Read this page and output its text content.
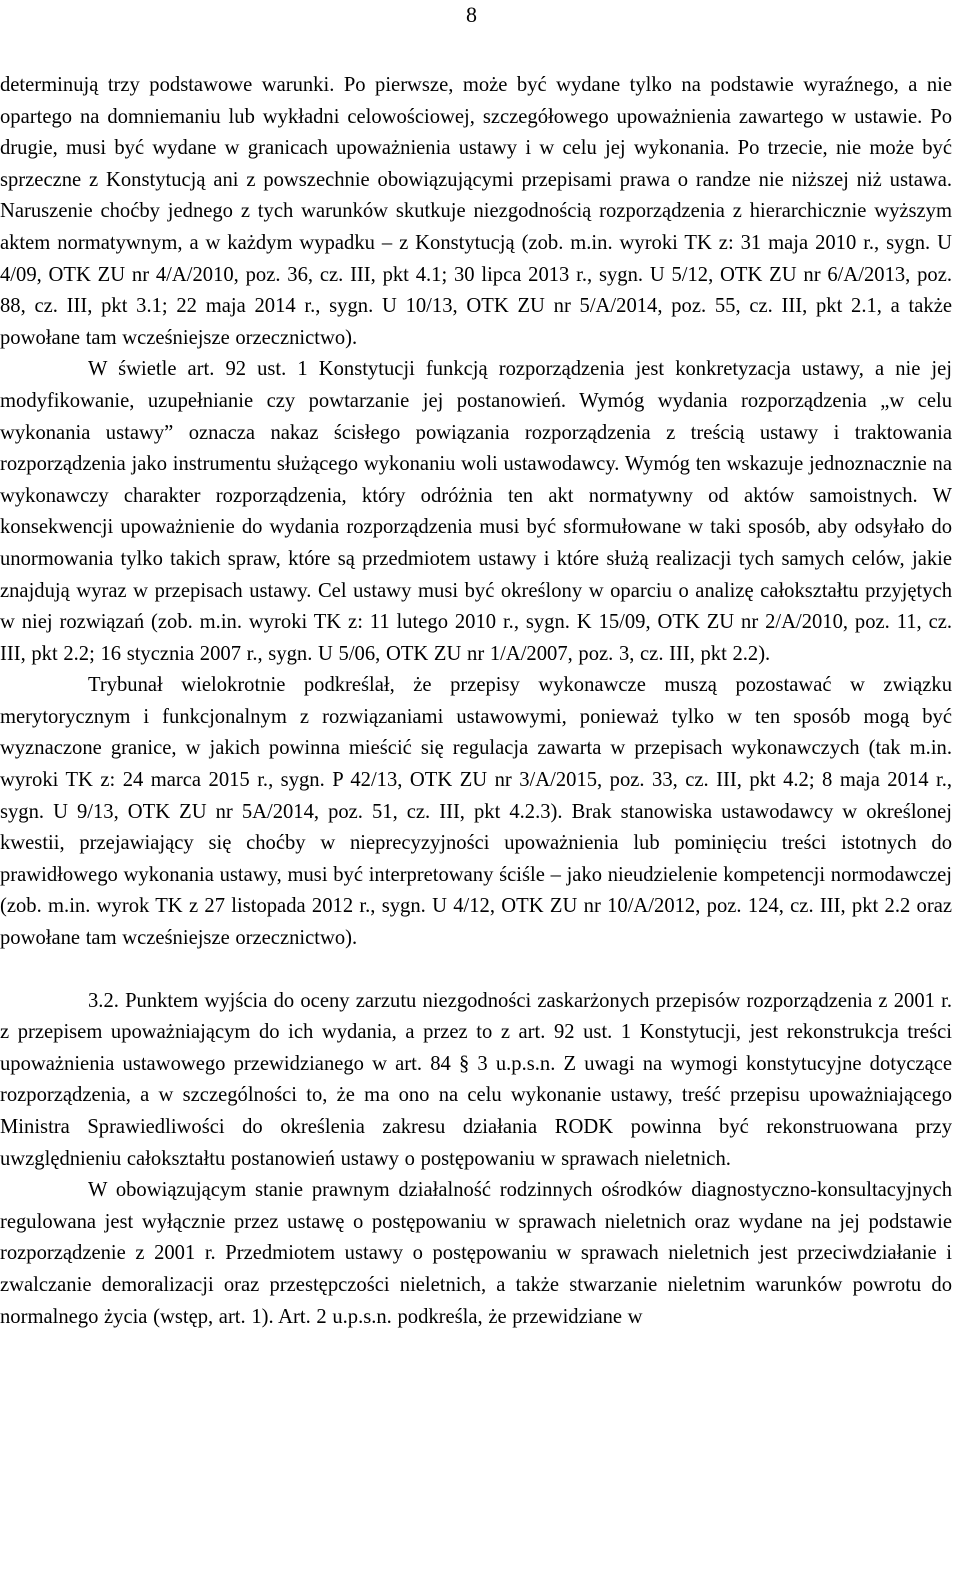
8

determinują trzy podstawowe warunki. Po pierwsze, może być wydane tylko na podstawie wyraźnego, a nie opartego na domniemaniu lub wykładni celowościowej, szczegółowego upoważnienia zawartego w ustawie. Po drugie, musi być wydane w granicach upoważnienia ustawy i w celu jej wykonania. Po trzecie, nie może być sprzeczne z Konstytucją ani z powszechnie obowiązującymi przepisami prawa o randze nie niższej niż ustawa. Naruszenie choćby jednego z tych warunków skutkuje niezgodnością rozporządzenia z hierarchicznie wyższym aktem normatywnym, a w każdym wypadku – z Konstytucją (zob. m.in. wyroki TK z: 31 maja 2010 r., sygn. U 4/09, OTK ZU nr 4/A/2010, poz. 36, cz. III, pkt 4.1; 30 lipca 2013 r., sygn. U 5/12, OTK ZU nr 6/A/2013, poz. 88, cz. III, pkt 3.1; 22 maja 2014 r., sygn. U 10/13, OTK ZU nr 5/A/2014, poz. 55, cz. III, pkt 2.1, a także powołane tam wcześniejsze orzecznictwo).

W świetle art. 92 ust. 1 Konstytucji funkcją rozporządzenia jest konkretyzacja ustawy, a nie jej modyfikowanie, uzupełnianie czy powtarzanie jej postanowień. Wymóg wydania rozporządzenia „w celu wykonania ustawy” oznacza nakaz ścisłego powiązania rozporządzenia z treścią ustawy i traktowania rozporządzenia jako instrumentu służącego wykonaniu woli ustawodawcy. Wymóg ten wskazuje jednoznacznie na wykonawczy charakter rozporządzenia, który odróżnia ten akt normatywny od aktów samoistnych. W konsekwencji upoważnienie do wydania rozporządzenia musi być sformułowane w taki sposób, aby odsyłało do unormowania tylko takich spraw, które są przedmiotem ustawy i które służą realizacji tych samych celów, jakie znajdują wyraz w przepisach ustawy. Cel ustawy musi być określony w oparciu o analizę całokształtu przyjętych w niej rozwiązań (zob. m.in. wyroki TK z: 11 lutego 2010 r., sygn. K 15/09, OTK ZU nr 2/A/2010, poz. 11, cz. III, pkt 2.2; 16 stycznia 2007 r., sygn. U 5/06, OTK ZU nr 1/A/2007, poz. 3, cz. III, pkt 2.2).

Trybunał wielokrotnie podkreślał, że przepisy wykonawcze muszą pozostawać w związku merytorycznym i funkcjonalnym z rozwiązaniami ustawowymi, ponieważ tylko w ten sposób mogą być wyznaczone granice, w jakich powinna mieścić się regulacja zawarta w przepisach wykonawczych (tak m.in. wyroki TK z: 24 marca 2015 r., sygn. P 42/13, OTK ZU nr 3/A/2015, poz. 33, cz. III, pkt 4.2; 8 maja 2014 r., sygn. U 9/13, OTK ZU nr 5A/2014, poz. 51, cz. III, pkt 4.2.3). Brak stanowiska ustawodawcy w określonej kwestii, przejawiający się choćby w nieprecyzyjności upoważnienia lub pominięciu treści istotnych do prawidłowego wykonania ustawy, musi być interpretowany ściśle – jako nieudzielenie kompetencji normodawczej (zob. m.in. wyrok TK z 27 listopada 2012 r., sygn. U 4/12, OTK ZU nr 10/A/2012, poz. 124, cz. III, pkt 2.2 oraz powołane tam wcześniejsze orzecznictwo).

3.2. Punktem wyjścia do oceny zarzutu niezgodności zaskarżonych przepisów rozporządzenia z 2001 r. z przepisem upoważniającym do ich wydania, a przez to z art. 92 ust. 1 Konstytucji, jest rekonstrukcja treści upoważnienia ustawowego przewidzianego w art. 84 § 3 u.p.s.n. Z uwagi na wymogi konstytucyjne dotyczące rozporządzenia, a w szczególności to, że ma ono na celu wykonanie ustawy, treść przepisu upoważniającego Ministra Sprawiedliwości do określenia zakresu działania RODK powinna być rekonstruowana przy uwzględnieniu całokształtu postanowień ustawy o postępowaniu w sprawach nieletnich.

W obowiązującym stanie prawnym działalność rodzinnych ośrodków diagnostyczno-konsultacyjnych regulowana jest wyłącznie przez ustawę o postępowaniu w sprawach nieletnich oraz wydane na jej podstawie rozporządzenie z 2001 r. Przedmiotem ustawy o postępowaniu w sprawach nieletnich jest przeciwdziałanie i zwalczanie demoralizacji oraz przestępczości nieletnich, a także stwarzanie nieletnim warunków powrotu do normalnego życia (wstęp, art. 1). Art. 2 u.p.s.n. podkreśla, że przewidziane w
